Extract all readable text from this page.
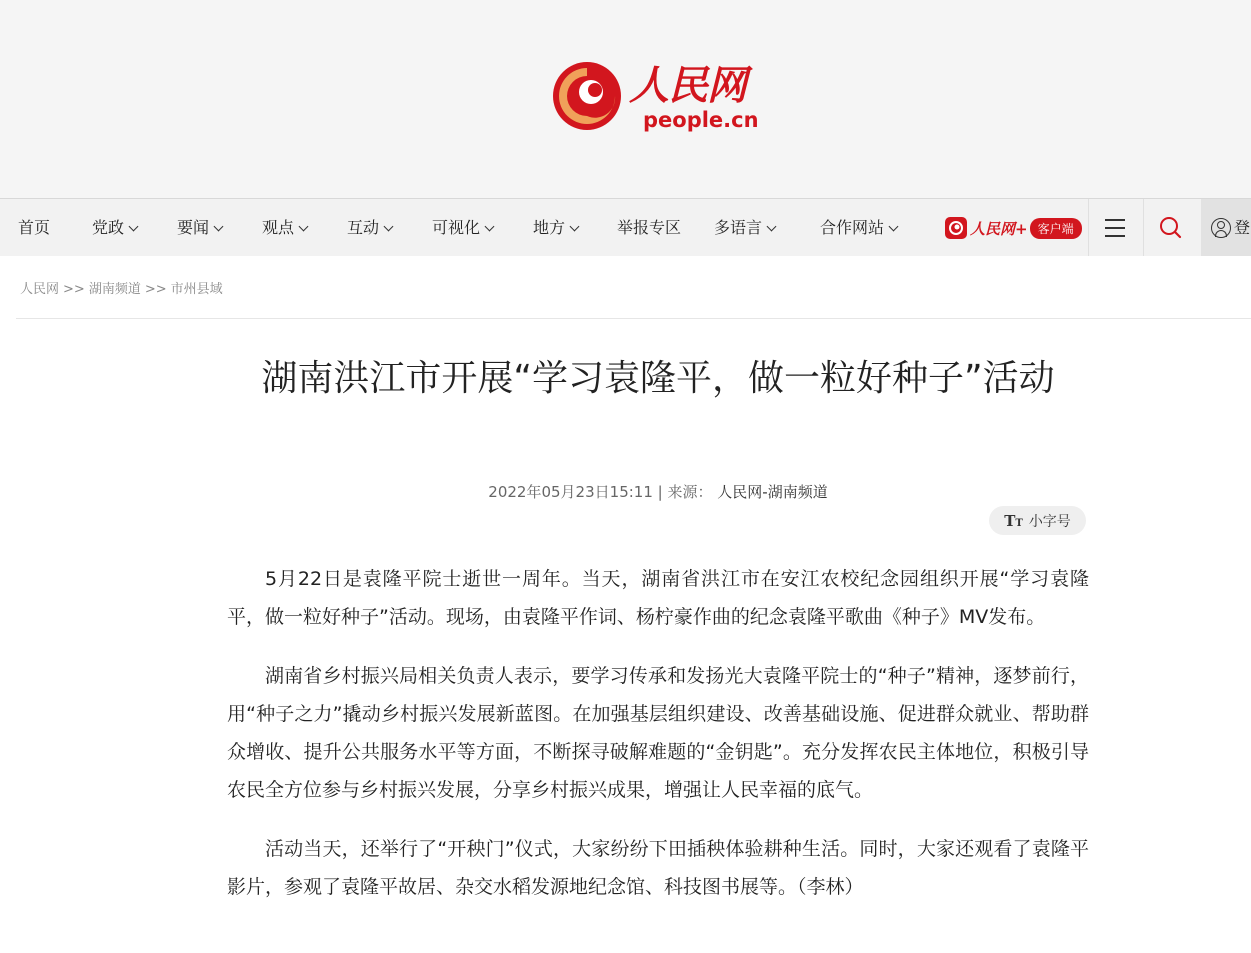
人民网
people.cn
首页	党政	要闻	观点	互动	可视化	地方	举报专区 多语言	合作网站	人民网+ 客户端	登
人民网 >> 湖南频道 >> 市州县域
湖南洪江市开展“学习袁隆平，做一粒好种子”活动
2022年05月23日15:11 | 来源： 人民网-湖南频道
TT 小字号

5月22日是袁隆平院士逝世一周年。当天，湖南省洪江市在安江农校纪念园组织开展“学习袁隆平，做一粒好种子”活动。现场，由袁隆平作词、杨柠豪作曲的纪念袁隆平歌曲《种子》MV发布。

湖南省乡村振兴局相关负责人表示，要学习传承和发扬光大袁隆平院士的“种子”精神，逐梦前行，用“种子之力”撬动乡村振兴发展新蓝图。在加强基层组织建设、改善基础设施、促进群众就业、帮助群众增收、提升公共服务水平等方面，不断探寻破解难题的“金钥匙”。充分发挥农民主体地位，积极引导农民全方位参与乡村振兴发展，分享乡村振兴成果，增强让人民幸福的底气。

活动当天，还举行了“开秧门”仪式，大家纷纷下田插秧体验耕种生活。同时，大家还观看了袁隆平影片，参观了袁隆平故居、杂交水稻发源地纪念馆、科技图书展等。（李林）
